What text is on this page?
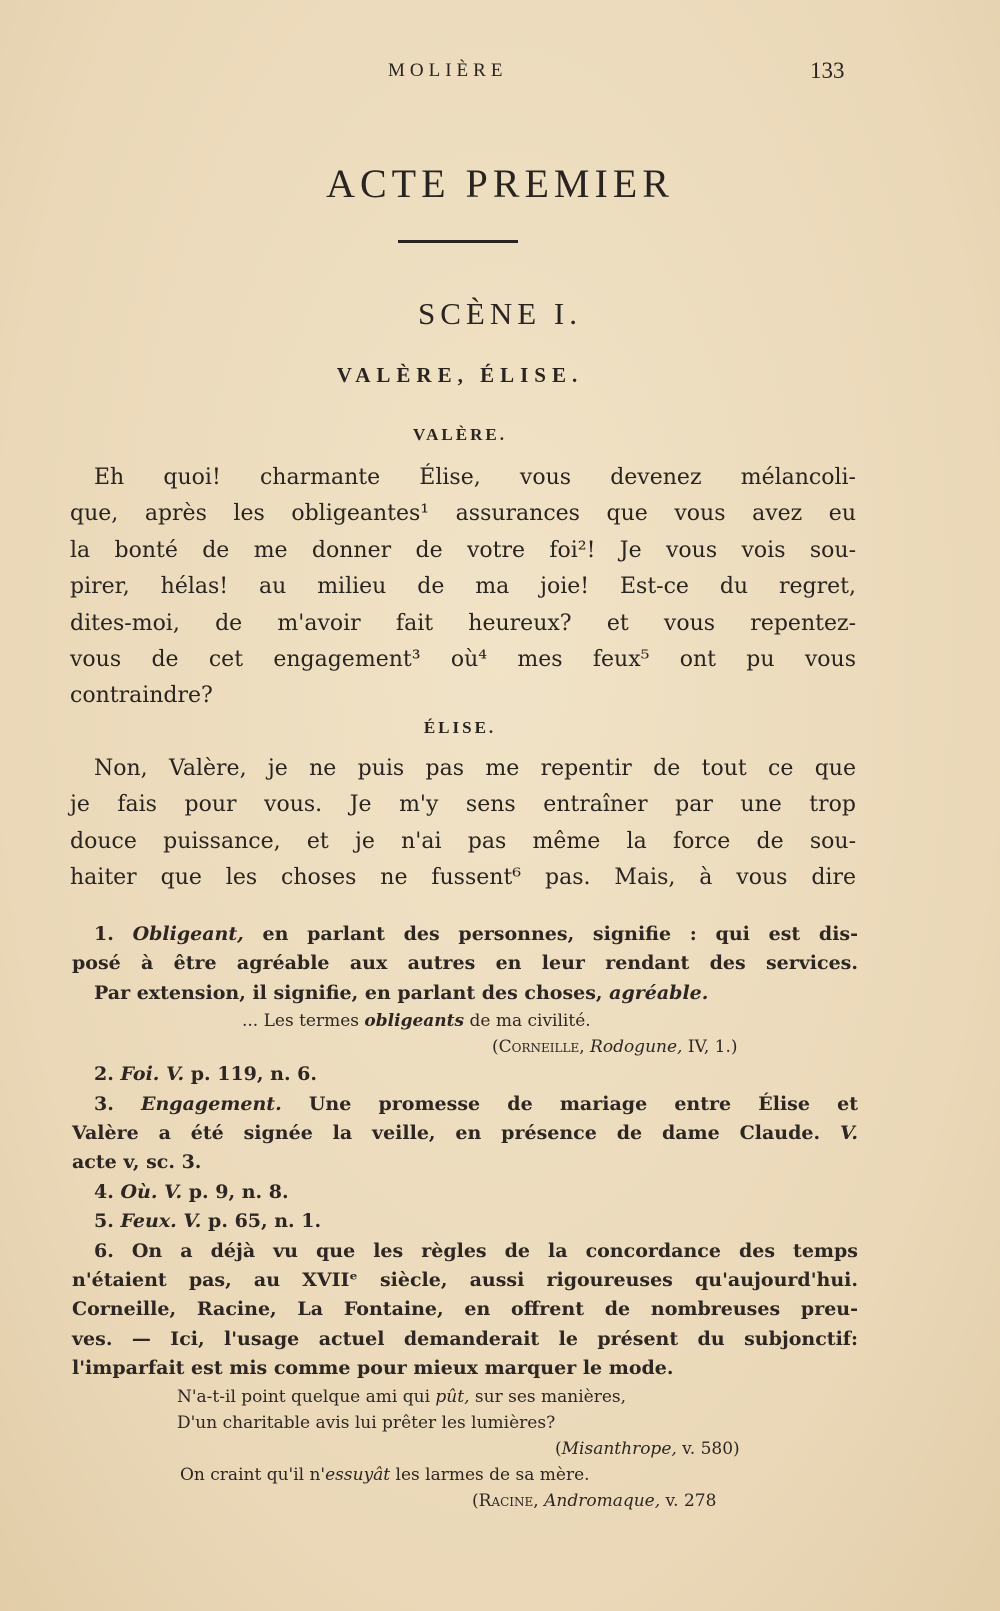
MOLIÈRE	133
ACTE PREMIER
SCÈNE I.
VALÈRE, ÉLISE.
VALÈRE.
Eh quoi! charmante Élise, vous devenez mélancoli-
que, après les obligeantes¹ assurances que vous avez eu
la bonté de me donner de votre foi²! Je vous vois sou-
pirer, hélas! au milieu de ma joie! Est-ce du regret,
dites-moi, de m'avoir fait heureux? et vous repentez-
vous de cet engagement³ où⁴ mes feux⁵ ont pu vous
contraindre?
ÉLISE.
Non, Valère, je ne puis pas me repentir de tout ce que
je fais pour vous. Je m'y sens entraîner par une trop
douce puissance, et je n'ai pas même la force de sou-
haiter que les choses ne fussent⁶ pas. Mais, à vous dire
1. Obligeant, en parlant des personnes, signifie : qui est dis-
posé à être agréable aux autres en leur rendant des services.
Par extension, il signifie, en parlant des choses, agréable.
... Les termes obligeants de ma civilité.
(Corneille, Rodogune, IV, 1.)
2. Foi. V. p. 119, n. 6.
3. Engagement. Une promesse de mariage entre Élise et
Valère a été signée la veille, en présence de dame Claude. V.
acte v, sc. 3.
4. Où. V. p. 9, n. 8.
5. Feux. V. p. 65, n. 1.
6. On a déjà vu que les règles de la concordance des temps
n'étaient pas, au XVIIᵉ siècle, aussi rigoureuses qu'aujourd'hui.
Corneille, Racine, La Fontaine, en offrent de nombreuses preu-
ves. — Ici, l'usage actuel demanderait le présent du subjonctif:
l'imparfait est mis comme pour mieux marquer le mode.
N'a-t-il point quelque ami qui pût, sur ses manières,
D'un charitable avis lui prêter les lumières?
(Misanthrope, v. 580)
On craint qu'il n'essuyât les larmes de sa mère.
(Racine, Andromaque, v. 278
